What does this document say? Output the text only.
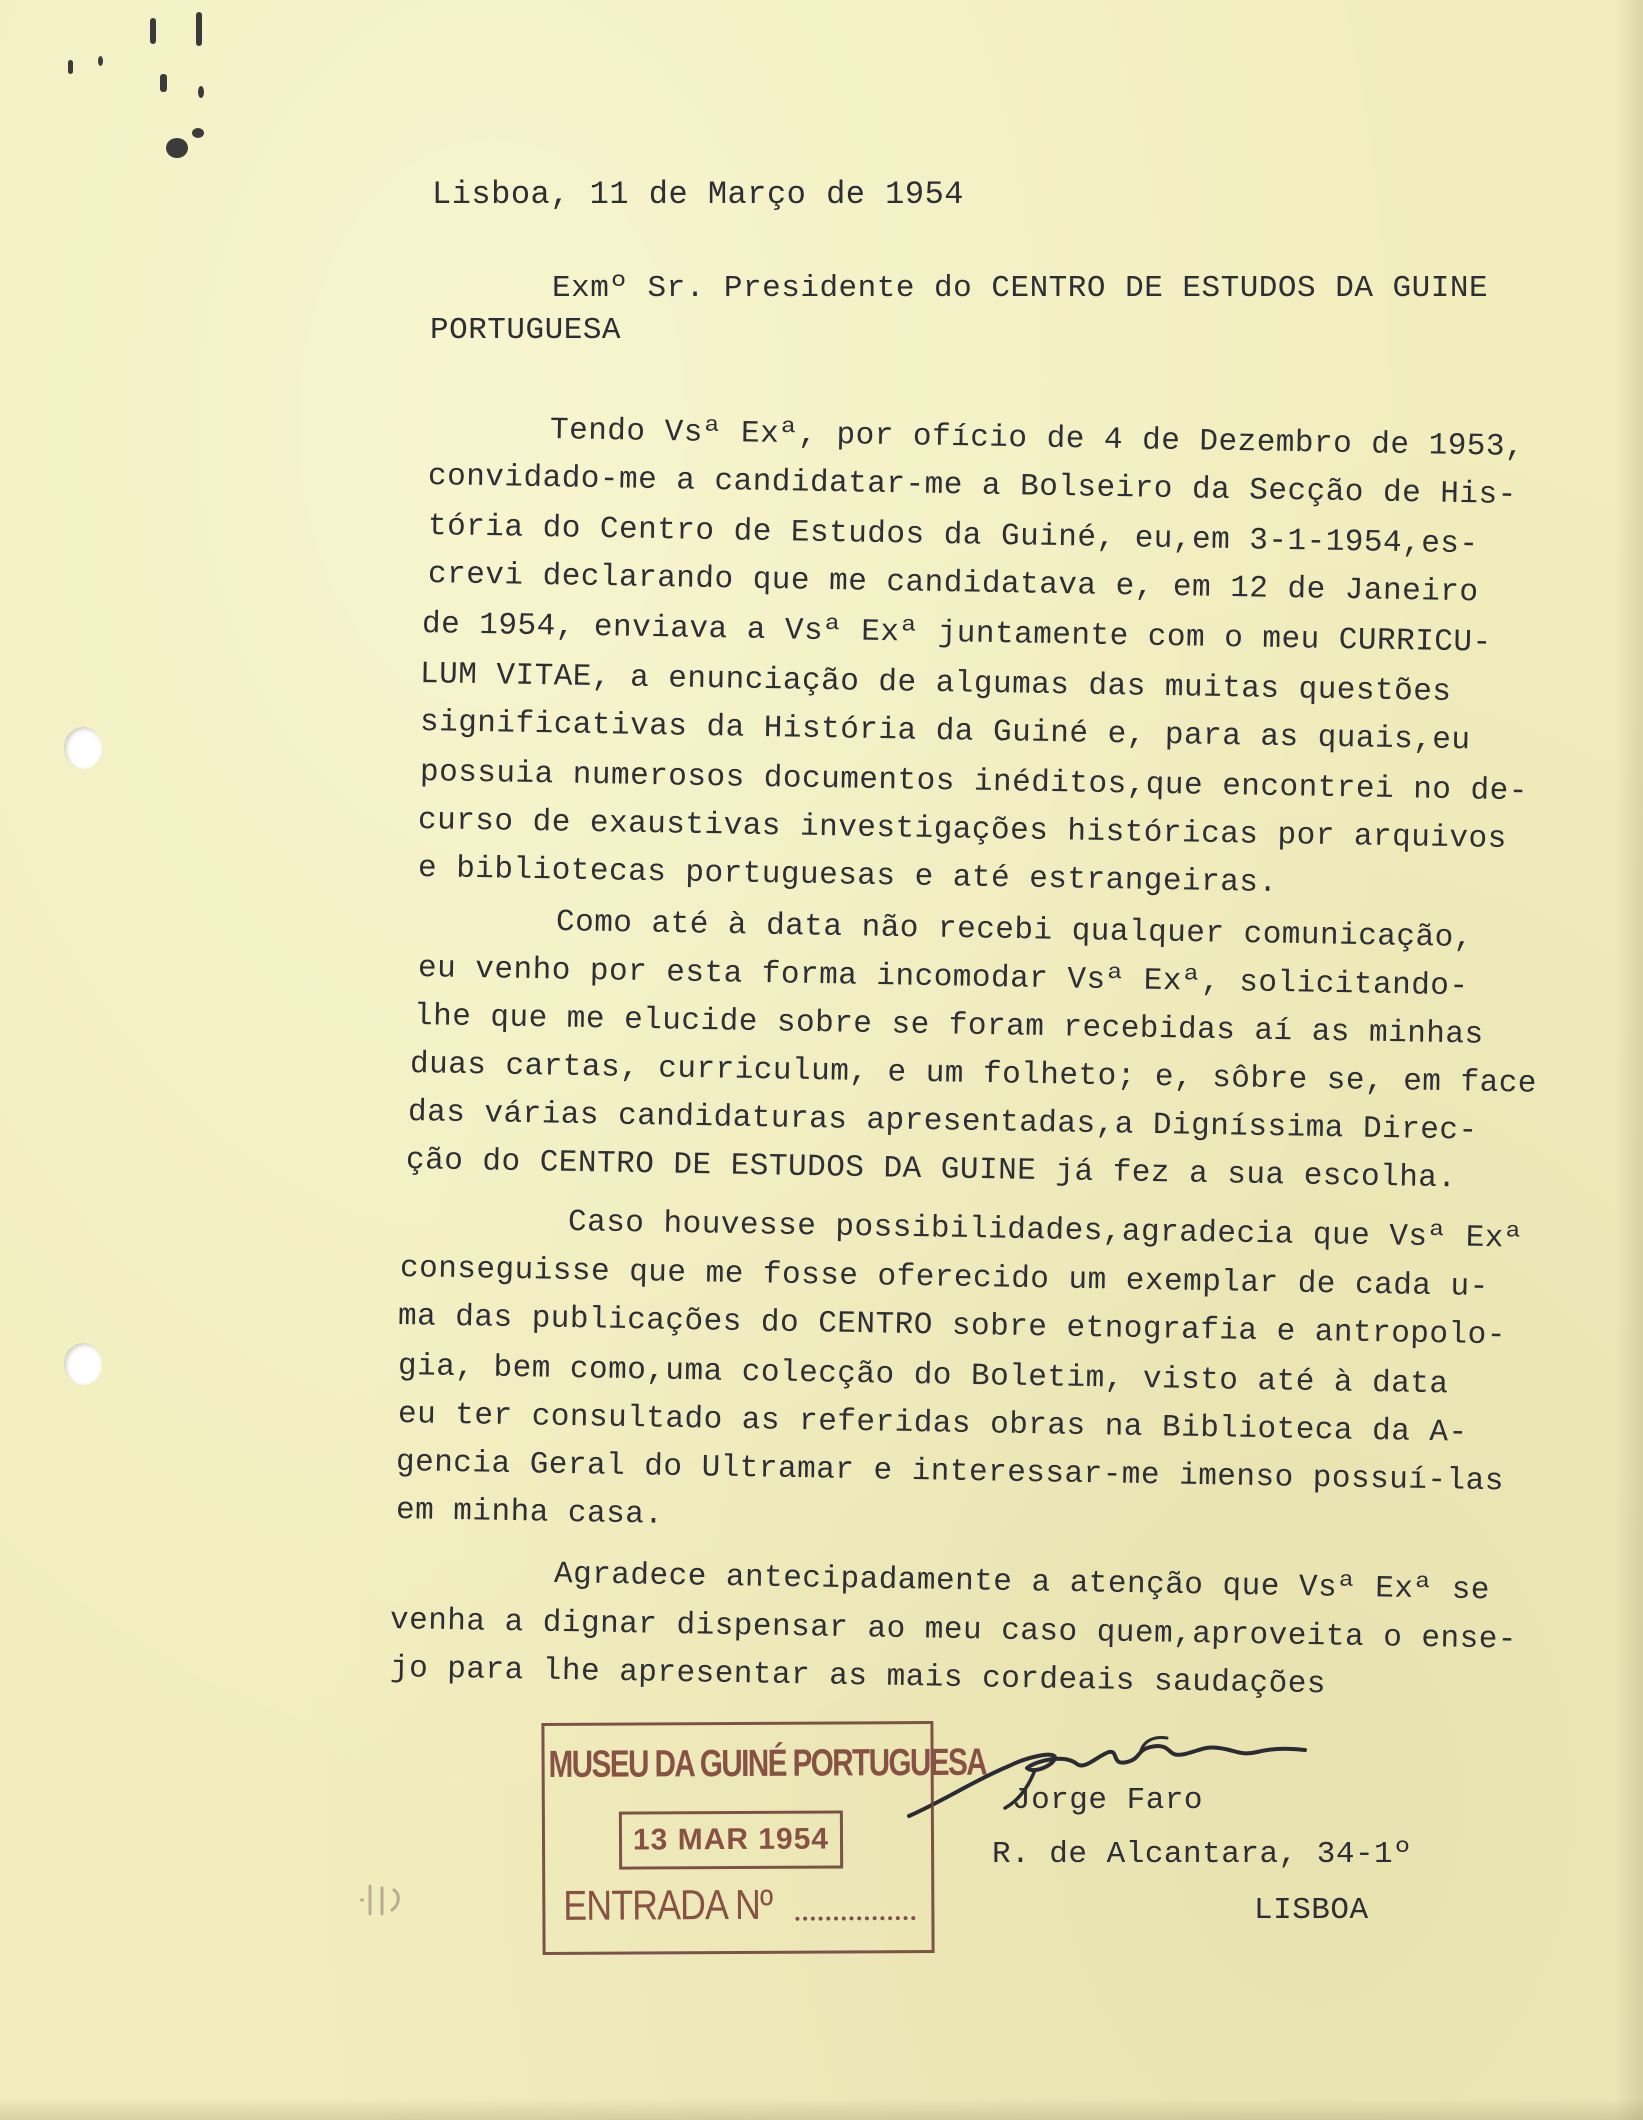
Lisboa, 11 de Março de 1954

Exmº Sr. Presidente do CENTRO DE ESTUDOS DA GUINE

PORTUGUESA

Tendo Vsª Exª, por ofício de 4 de Dezembro de 1953,

convidado-me a candidatar-me a Bolseiro da Secção de His-

tória do Centro de Estudos da Guiné, eu,em 3-1-1954,es-

crevi declarando que me candidatava e, em 12 de Janeiro

de 1954, enviava a Vsª Exª juntamente com o meu CURRICU-

LUM VITAE, a enunciação de algumas das muitas questões

significativas da História da Guiné e, para as quais,eu

possuia numerosos documentos inéditos,que encontrei no de-

curso de exaustivas investigações históricas por arquivos

e bibliotecas portuguesas e até estrangeiras.

Como até à data não recebi qualquer comunicação,

eu venho por esta forma incomodar Vsª Exª, solicitando-

lhe que me elucide sobre se foram recebidas aí as minhas

duas cartas, curriculum, e um folheto; e, sôbre se, em face

das várias candidaturas apresentadas,a Digníssima Direc-

ção do CENTRO DE ESTUDOS DA GUINE já fez a sua escolha.

Caso houvesse possibilidades,agradecia que Vsª Exª

conseguisse que me fosse oferecido um exemplar de cada u-

ma das publicações do CENTRO sobre etnografia e antropolo-

gia, bem como,uma colecção do Boletim, visto até à data

eu ter consultado as referidas obras na Biblioteca da A-

gencia Geral do Ultramar e interessar-me imenso possuí-las

em minha casa.

Agradece antecipadamente a atenção que Vsª Exª se

venha a dignar dispensar ao meu caso quem,aproveita o ense-

jo para lhe apresentar as mais cordeais saudações

Jorge Faro

R. de Alcantara, 34-1º

LISBOA

MUSEU DA GUINÉ PORTUGUESA
13 MAR 1954
ENTRADA Nº
